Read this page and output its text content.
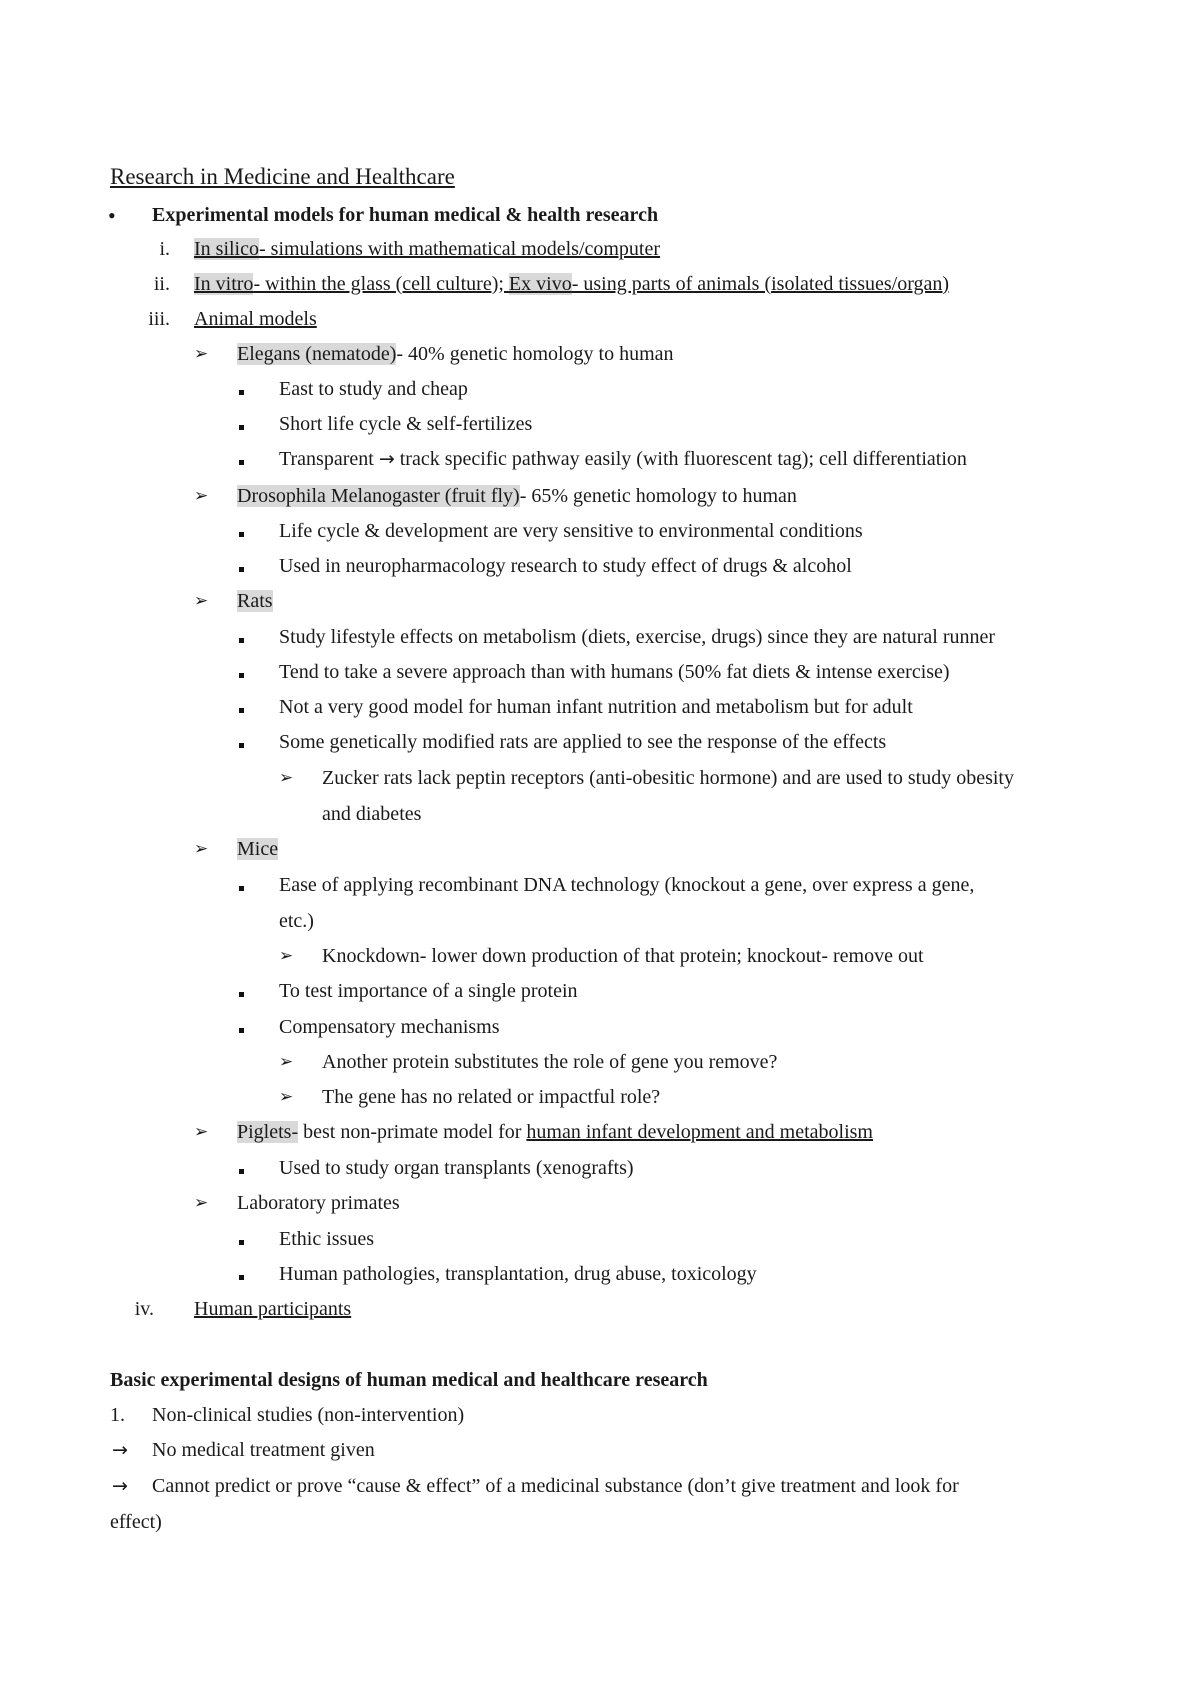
Research in Medicine and Healthcare
• Experimental models for human medical & health research
i. In silico- simulations with mathematical models/computer
ii. In vitro- within the glass (cell culture); Ex vivo- using parts of animals (isolated tissues/organ)
iii. Animal models
➢ Elegans (nematode)- 40% genetic homology to human
East to study and cheap
Short life cycle & self-fertilizes
Transparent → track specific pathway easily (with fluorescent tag); cell differentiation
➢ Drosophila Melanogaster (fruit fly)- 65% genetic homology to human
Life cycle & development are very sensitive to environmental conditions
Used in neuropharmacology research to study effect of drugs & alcohol
➢ Rats
Study lifestyle effects on metabolism (diets, exercise, drugs) since they are natural runner
Tend to take a severe approach than with humans (50% fat diets & intense exercise)
Not a very good model for human infant nutrition and metabolism but for adult
Some genetically modified rats are applied to see the response of the effects
➢ Zucker rats lack peptin receptors (anti-obesitic hormone) and are used to study obesity
and diabetes
➢ Mice
Ease of applying recombinant DNA technology (knockout a gene, over express a gene,
etc.)
➢ Knockdown- lower down production of that protein; knockout- remove out
To test importance of a single protein
Compensatory mechanisms
➢ Another protein substitutes the role of gene you remove?
➢ The gene has no related or impactful role?
➢ Piglets- best non-primate model for human infant development and metabolism
Used to study organ transplants (xenografts)
➢ Laboratory primates
Ethic issues
Human pathologies, transplantation, drug abuse, toxicology
iv. Human participants
Basic experimental designs of human medical and healthcare research
1. Non-clinical studies (non-intervention)
→ No medical treatment given
→ Cannot predict or prove “cause & effect” of a medicinal substance (don’t give treatment and look for
effect)
